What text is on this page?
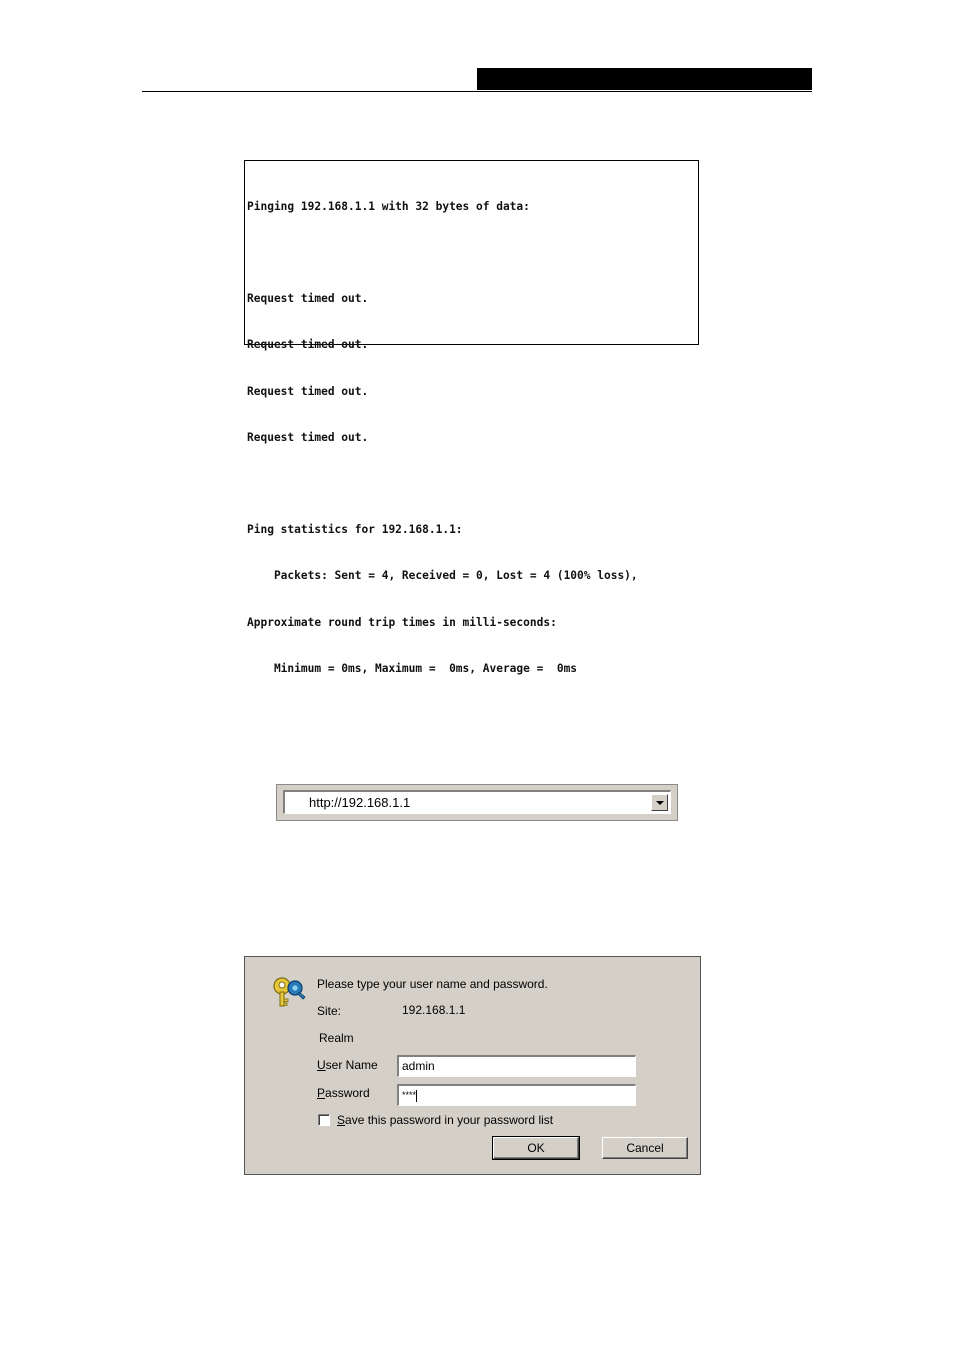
Pinging 192.168.1.1 with 32 bytes of data:

Request timed out.

Request timed out.

Request timed out.

Request timed out.

Ping statistics for 192.168.1.1:

Packets: Sent = 4, Received = 0, Lost = 4 (100% loss),

Approximate round trip times in milli-seconds:

Minimum = 0ms, Maximum =  0ms, Average =  0ms

http://192.168.1.1
Please type your user name and password.
Site:	192.168.1.1
Realm
User Name	admin
Password	****
Save this password in your password list
OK	Cancel
